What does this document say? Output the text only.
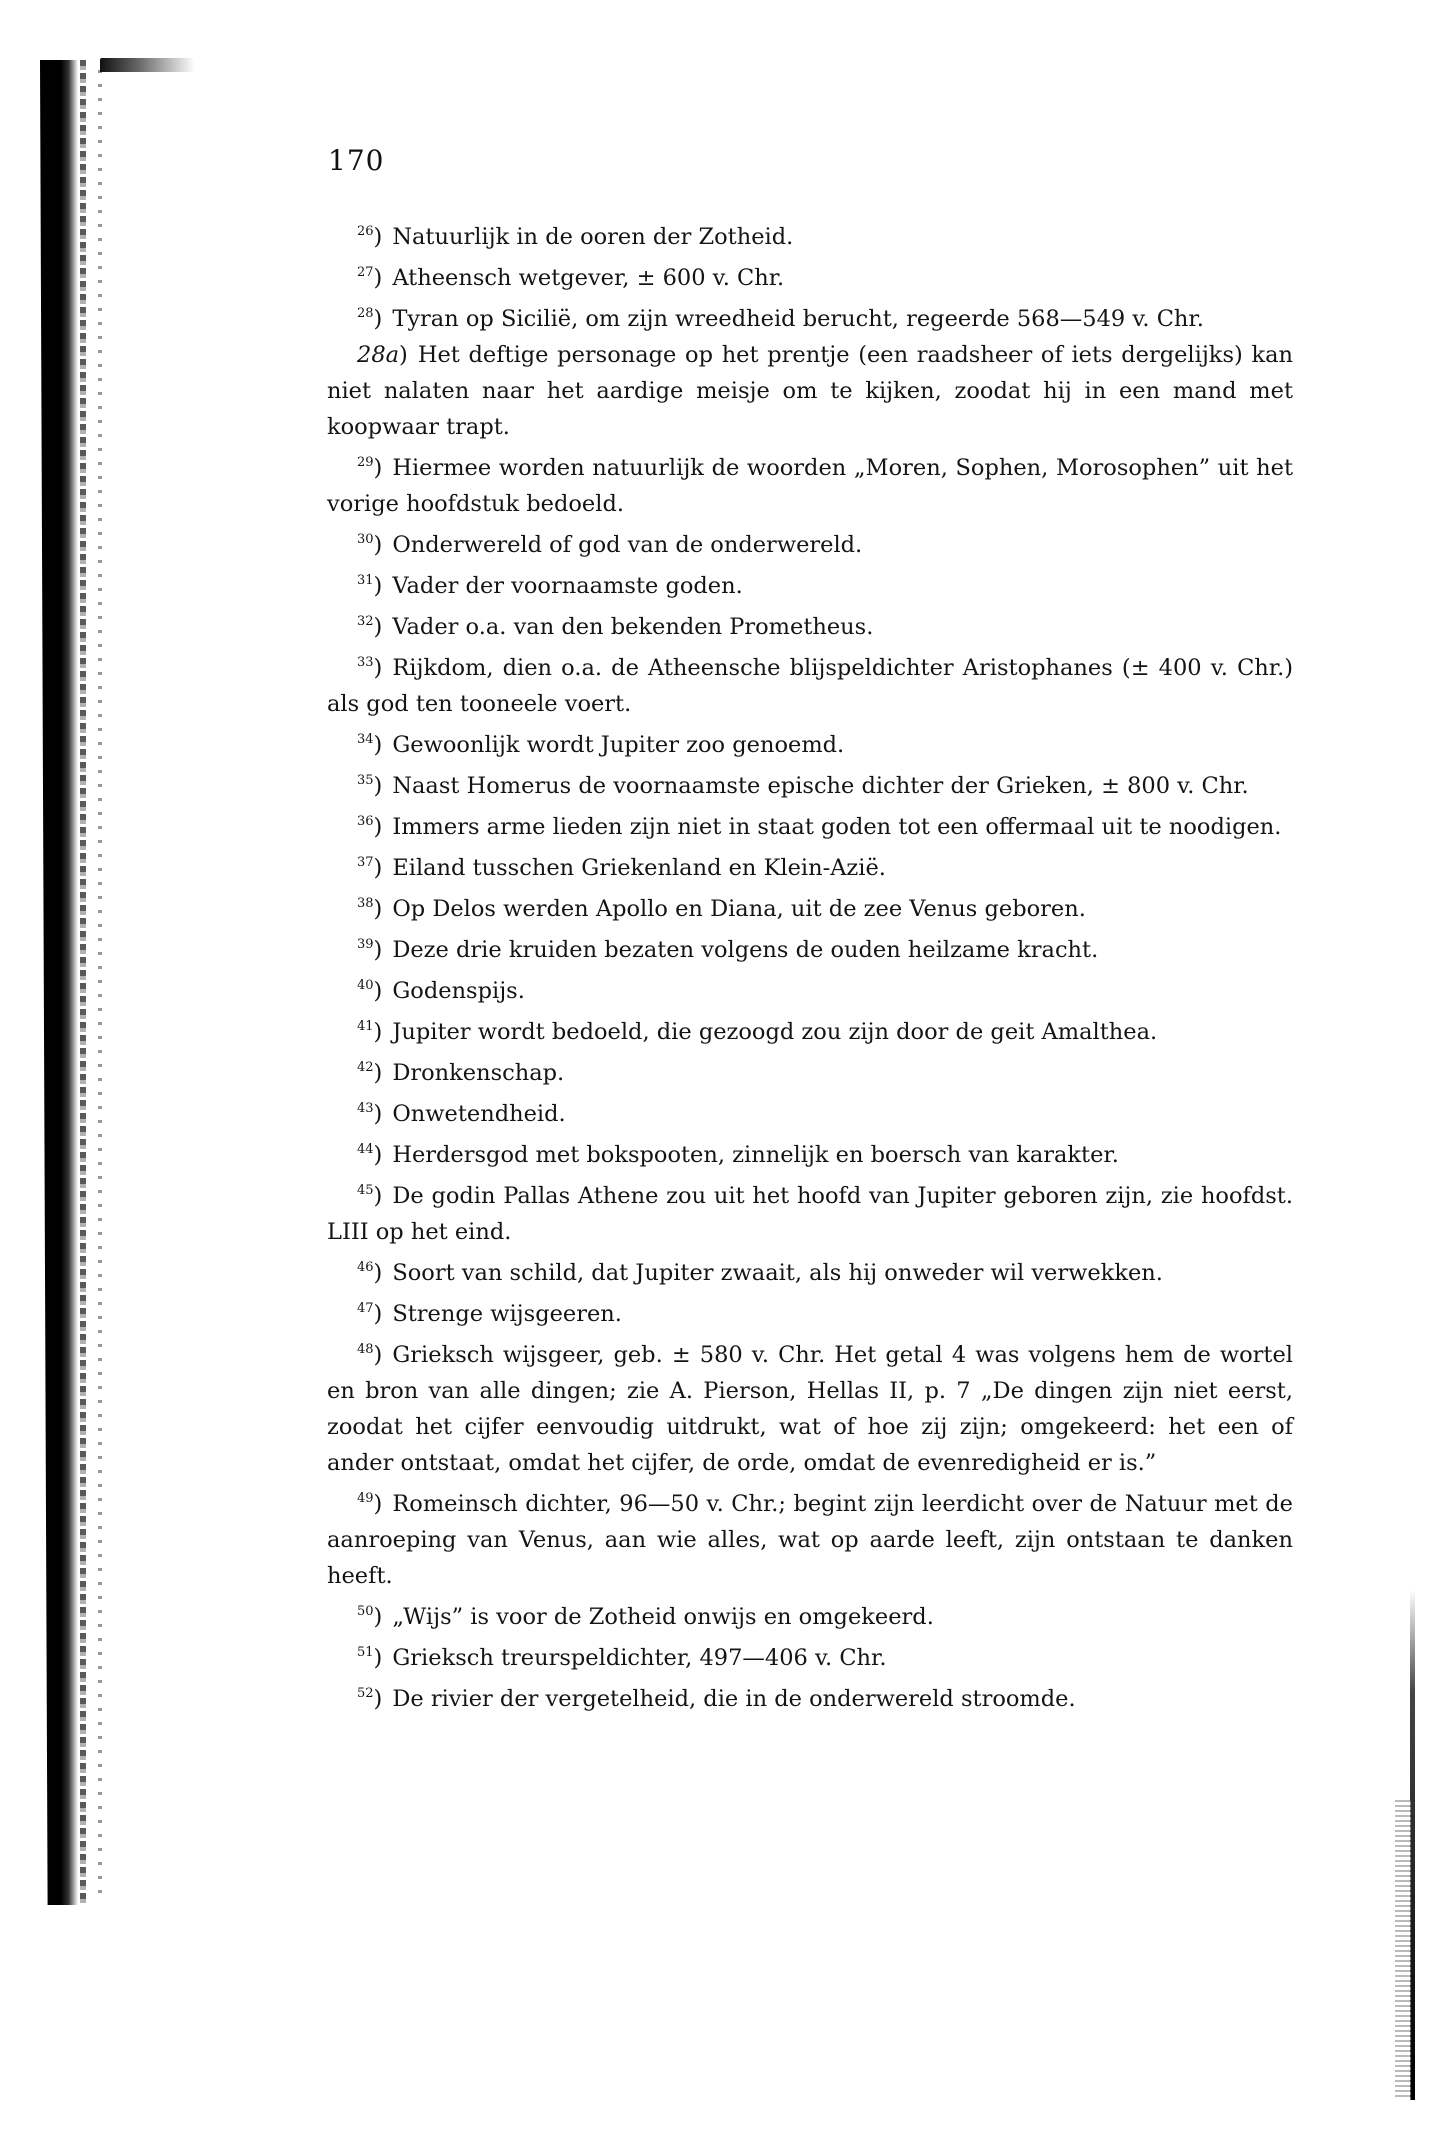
170

$^{26}$) Natuurlijk in de ooren der Zotheid.

$^{27}$) Atheensch wetgever, ± 600 v. Chr.

$^{28}$) Tyran op Sicilië, om zijn wreedheid berucht, regeerde 568—549 v. Chr.

28a) Het deftige personage op het prentje (een raadsheer of iets dergelijks) kan niet nalaten naar het aardige meisje om te kijken, zoodat hij in een mand met koopwaar trapt.

$^{29}$) Hiermee worden natuurlijk de woorden „Moren, Sophen, Morosophen” uit het vorige hoofdstuk bedoeld.

$^{30}$) Onderwereld of god van de onderwereld.

$^{31}$) Vader der voornaamste goden.

$^{32}$) Vader o.a. van den bekenden Prometheus.

$^{33}$) Rijkdom, dien o.a. de Atheensche blijspeldichter Aristophanes (± 400 v. Chr.) als god ten tooneele voert.

$^{34}$) Gewoonlijk wordt Jupiter zoo genoemd.

$^{35}$) Naast Homerus de voornaamste epische dichter der Grieken, ± 800 v. Chr.

$^{36}$) Immers arme lieden zijn niet in staat goden tot een offermaal uit te noodigen.

$^{37}$) Eiland tusschen Griekenland en Klein-Azië.

$^{38}$) Op Delos werden Apollo en Diana, uit de zee Venus geboren.

$^{39}$) Deze drie kruiden bezaten volgens de ouden heilzame kracht.

$^{40}$) Godenspijs.

$^{41}$) Jupiter wordt bedoeld, die gezoogd zou zijn door de geit Amalthea.

$^{42}$) Dronkenschap.

$^{43}$) Onwetendheid.

$^{44}$) Herdersgod met bokspooten, zinnelijk en boersch van karakter.

$^{45}$) De godin Pallas Athene zou uit het hoofd van Jupiter geboren zijn, zie hoofdst. LIII op het eind.

$^{46}$) Soort van schild, dat Jupiter zwaait, als hij onweder wil verwekken.

$^{47}$) Strenge wijsgeeren.

$^{48}$) Grieksch wijsgeer, geb. ± 580 v. Chr. Het getal 4 was volgens hem de wortel en bron van alle dingen; zie A. Pierson, Hellas II, p. 7 „De dingen zijn niet eerst, zoodat het cijfer eenvoudig uitdrukt, wat of hoe zij zijn; omgekeerd: het een of ander ontstaat, omdat het cijfer, de orde, omdat de evenredigheid er is.”

$^{49}$) Romeinsch dichter, 96—50 v. Chr.; begint zijn leerdicht over de Natuur met de aanroeping van Venus, aan wie alles, wat op aarde leeft, zijn ontstaan te danken heeft.

$^{50}$) „Wijs” is voor de Zotheid onwijs en omgekeerd.

$^{51}$) Grieksch treurspeldichter, 497—406 v. Chr.

$^{52}$) De rivier der vergetelheid, die in de onderwereld stroomde.
